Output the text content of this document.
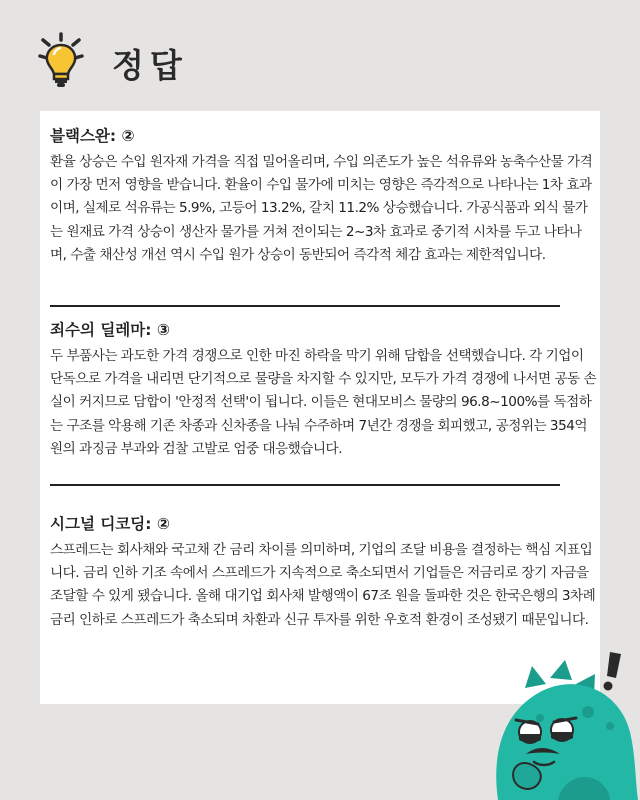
정답

블랙스완: ②

환율 상승은 수입 원자재 가격을 직접 밀어올리며, 수입 의존도가 높은 석유류와 농축수산물 가격이 가장 먼저 영향을 받습니다. 환율이 수입 물가에 미치는 영향은 즉각적으로 나타나는 1차 효과이며, 실제로 석유류는 5.9%, 고등어 13.2%, 갈치 11.2% 상승했습니다. 가공식품과 외식 물가는 원재료 가격 상승이 생산자 물가를 거쳐 전이되는 2~3차 효과로 중기적 시차를 두고 나타나며, 수출 채산성 개선 역시 수입 원가 상승이 동반되어 즉각적 체감 효과는 제한적입니다.

죄수의 딜레마: ③

두 부품사는 과도한 가격 경쟁으로 인한 마진 하락을 막기 위해 담합을 선택했습니다. 각 기업이 단독으로 가격을 내리면 단기적으로 물량을 차지할 수 있지만, 모두가 가격 경쟁에 나서면 공동 손실이 커지므로 담합이 '안정적 선택'이 됩니다. 이들은 현대모비스 물량의 96.8~100%를 독점하는 구조를 악용해 기존 차종과 신차종을 나눠 수주하며 7년간 경쟁을 회피했고, 공정위는 354억 원의 과징금 부과와 검찰 고발로 엄중 대응했습니다.

시그널 디코딩: ②

스프레드는 회사채와 국고채 간 금리 차이를 의미하며, 기업의 조달 비용을 결정하는 핵심 지표입니다. 금리 인하 기조 속에서 스프레드가 지속적으로 축소되면서 기업들은 저금리로 장기 자금을 조달할 수 있게 됐습니다. 올해 대기업 회사채 발행액이 67조 원을 돌파한 것은 한국은행의 3차례 금리 인하로 스프레드가 축소되며 차환과 신규 투자를 위한 우호적 환경이 조성됐기 때문입니다.
